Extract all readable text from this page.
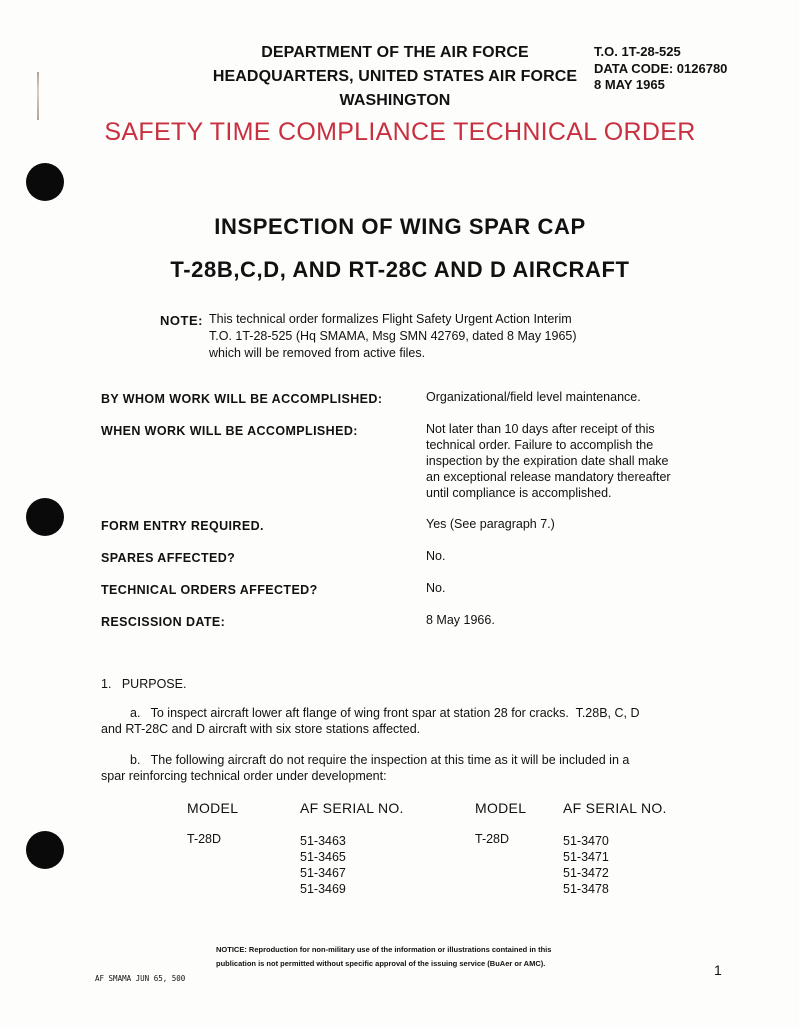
DEPARTMENT OF THE AIR FORCE
HEADQUARTERS, UNITED STATES AIR FORCE
WASHINGTON
T.O. 1T-28-525
DATA CODE: 0126780
8 MAY 1965
SAFETY TIME COMPLIANCE TECHNICAL ORDER
INSPECTION OF WING SPAR CAP
T-28B,C,D, AND RT-28C AND D AIRCRAFT
NOTE: This technical order formalizes Flight Safety Urgent Action Interim
T.O. 1T-28-525 (Hq SMAMA, Msg SMN 42769, dated 8 May 1965)
which will be removed from active files.
BY WHOM WORK WILL BE ACCOMPLISHED:	Organizational/field level maintenance.
WHEN WORK WILL BE ACCOMPLISHED:	Not later than 10 days after receipt of this
technical order. Failure to accomplish the
inspection by the expiration date shall make
an exceptional release mandatory thereafter
until compliance is accomplished.
FORM ENTRY REQUIRED.	Yes (See paragraph 7.)
SPARES AFFECTED?	No.
TECHNICAL ORDERS AFFECTED?	No.
RESCISSION DATE:	8 May 1966.
1.   PURPOSE.
a.   To inspect aircraft lower aft flange of wing front spar at station 28 for cracks.  T.28B, C, D
and RT-28C and D aircraft with six store stations affected.
b.   The following aircraft do not require the inspection at this time as it will be included in a
spar reinforcing technical order under development:
MODEL	AF SERIAL NO.	MODEL	AF SERIAL NO.
T-28D	51-3463
51-3465
51-3467
51-3469
T-28D	51-3470
51-3471
51-3472
51-3478
NOTICE: Reproduction for non-military use of the information or illustrations contained in this
publication is not permitted without specific approval of the issuing service (BuAer or AMC).
AF SMAMA JUN 65, 500
1
